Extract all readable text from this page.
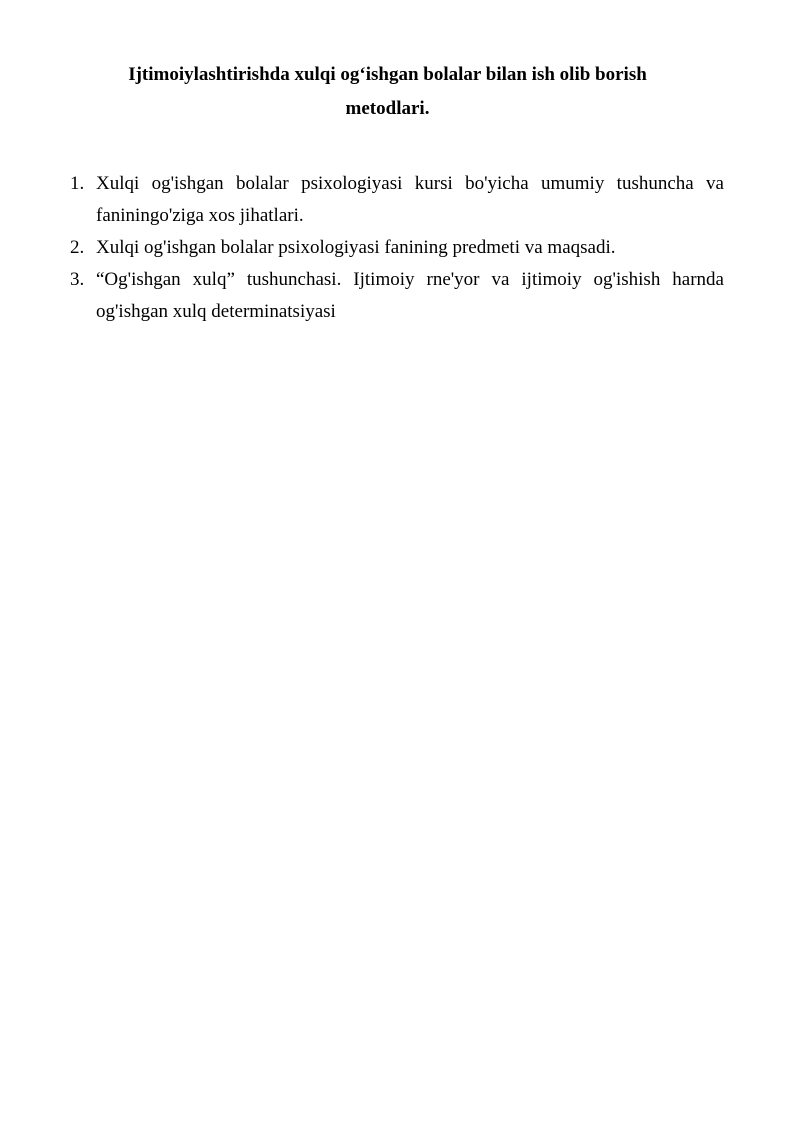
Ijtimoiylashtirishda xulqi og‘ishgan bolalar bilan ish olib borish
metodlari.
1. Xulqi og'ishgan bolalar psixologiyasi kursi bo'yicha umumiy tushuncha va faniningo'ziga xos jihatlari.
2. Xulqi og'ishgan bolalar psixologiyasi fanining predmeti va maqsadi.
3. “Og'ishgan xulq” tushunchasi. Ijtimoiy rne'yor va ijtimoiy og'ishish harnda og'ishgan xulq determinatsiyasi
